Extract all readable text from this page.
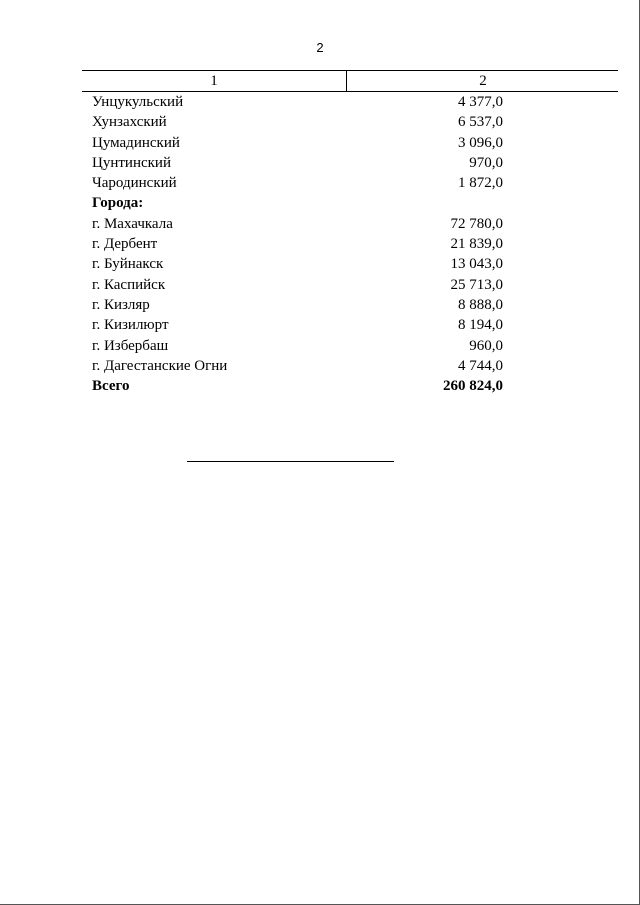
2
1	2
Унцукульский	4 377,0
Хунзахский	6 537,0
Цумадинский	3 096,0
Цунтинский	970,0
Чародинский	1 872,0
Города:
г. Махачкала	72 780,0
г. Дербент	21 839,0
г. Буйнакск	13 043,0
г. Каспийск	25 713,0
г. Кизляр	8 888,0
г. Кизилюрт	8 194,0
г. Избербаш	960,0
г. Дагестанские Огни	4 744,0
Всего	260 824,0
